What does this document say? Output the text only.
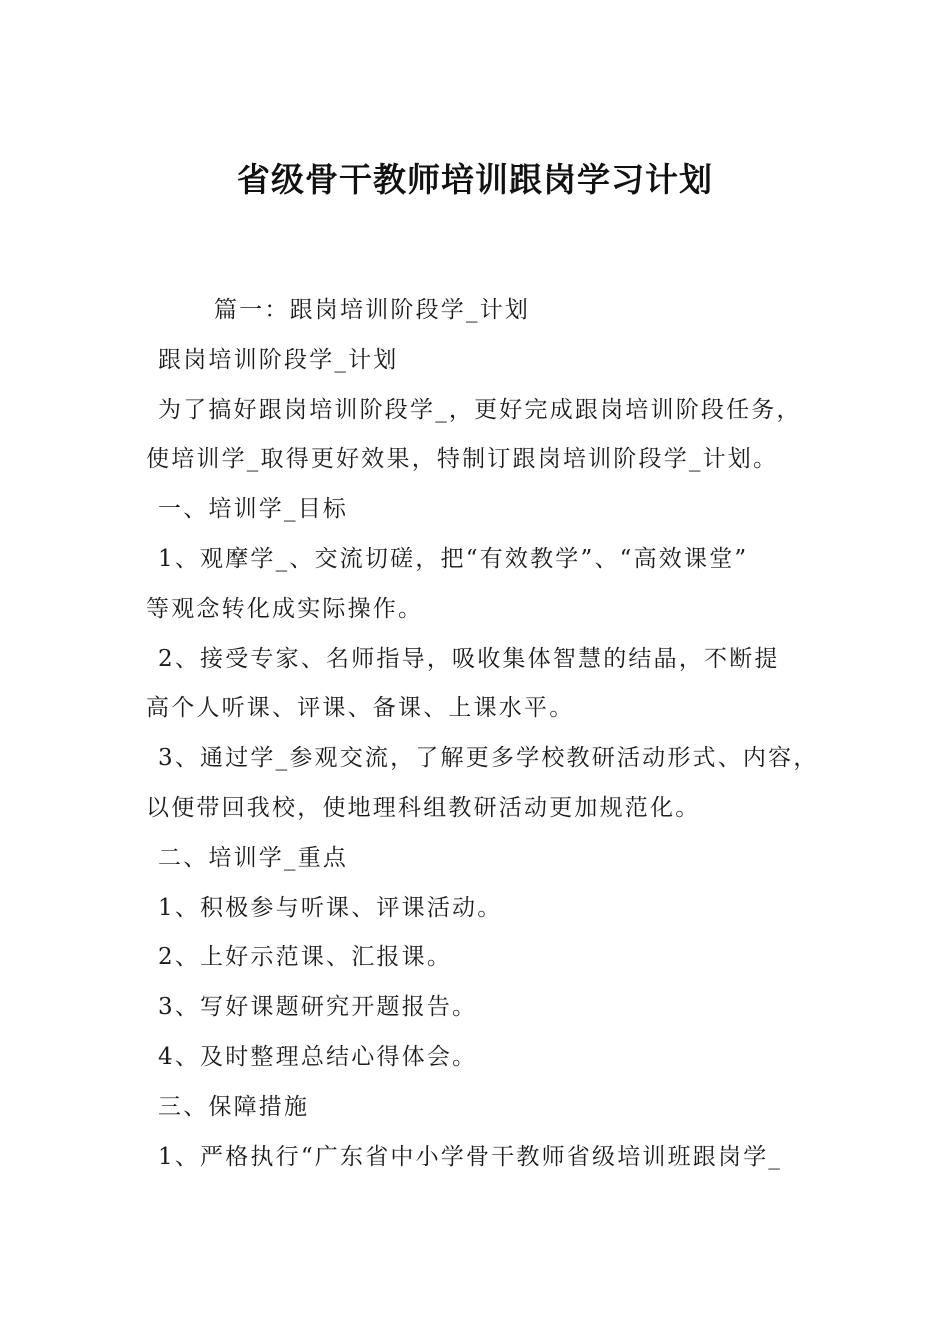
省级骨干教师培训跟岗学习计划

篇一：跟岗培训阶段学_计划

跟岗培训阶段学_计划

为了搞好跟岗培训阶段学_，更好完成跟岗培训阶段任务，

使培训学_取得更好效果，特制订跟岗培训阶段学_计划。

一、培训学_目标

1、观摩学_、交流切磋，把“有效教学”、“高效课堂”

等观念转化成实际操作。

2、接受专家、名师指导，吸收集体智慧的结晶，不断提

高个人听课、评课、备课、上课水平。

3、通过学_参观交流，了解更多学校教研活动形式、内容，

以便带回我校，使地理科组教研活动更加规范化。

二、培训学_重点

1、积极参与听课、评课活动。

2、上好示范课、汇报课。

3、写好课题研究开题报告。

4、及时整理总结心得体会。

三、保障措施

1、严格执行“广东省中小学骨干教师省级培训班跟岗学_
